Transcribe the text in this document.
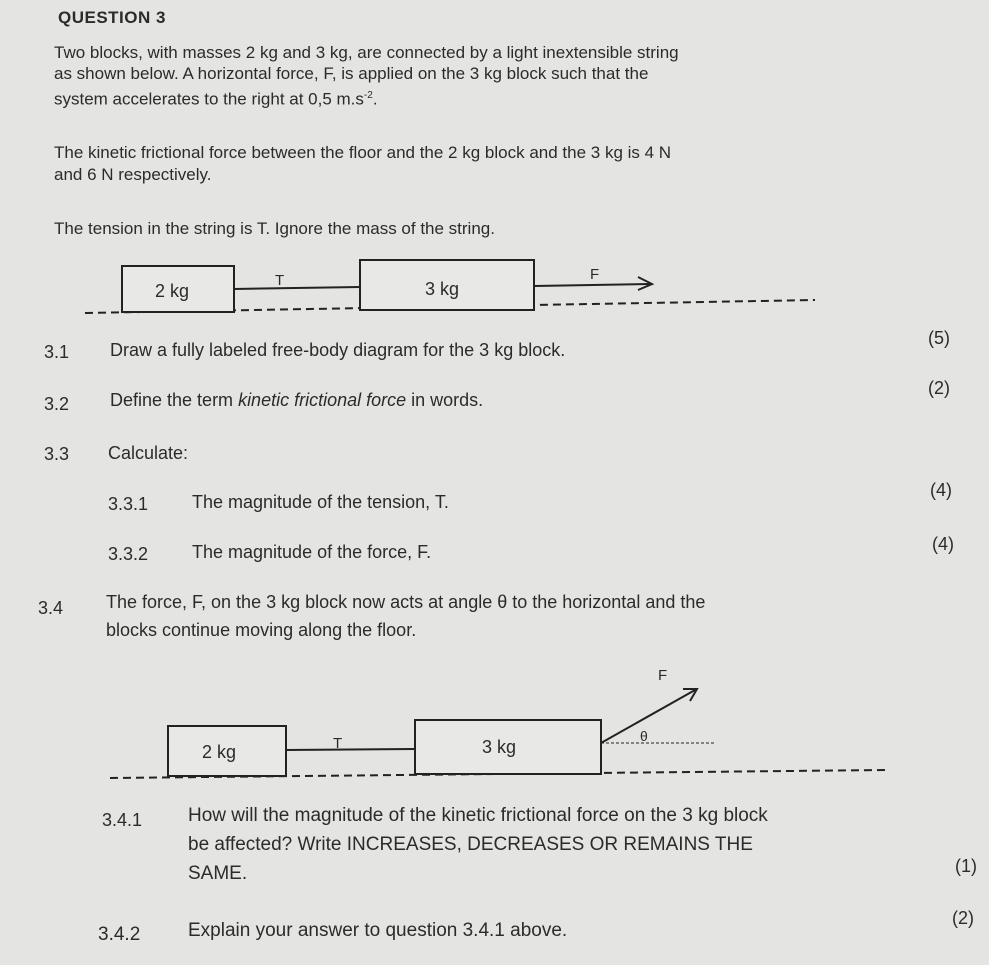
QUESTION 3
Two blocks, with masses 2 kg and 3 kg, are connected by a light inextensible string
as shown below. A horizontal force, F, is applied on the 3 kg block such that the
system accelerates to the right at 0,5 $m.s^{-2}$.
The kinetic frictional force between the floor and the 2 kg block and the 3 kg is 4 N
and 6 N respectively.
The tension in the string is T. Ignore the mass of the string.
2 kg	3 kg
T	F
2 kg	3 kg
T
F
θ
3.1 Draw a fully labeled free-body diagram for the 3 kg block.
(5)
3.2 Define the term kinetic frictional force in words.
(2)
3.3 Calculate:
3.3.1 The magnitude of the tension, T.
(4)
3.3.2 The magnitude of the force, F.	(4)
3.4 The force, F, on the 3 kg block now acts at angle θ to the horizontal and the
blocks continue moving along the floor.
3.4.1 How will the magnitude of the kinetic frictional force on the 3 kg block
be affected? Write INCREASES, DECREASES OR REMAINS THE
SAME.	(1)
3.4.2	Explain your answer to question 3.4.1 above.
(2)
